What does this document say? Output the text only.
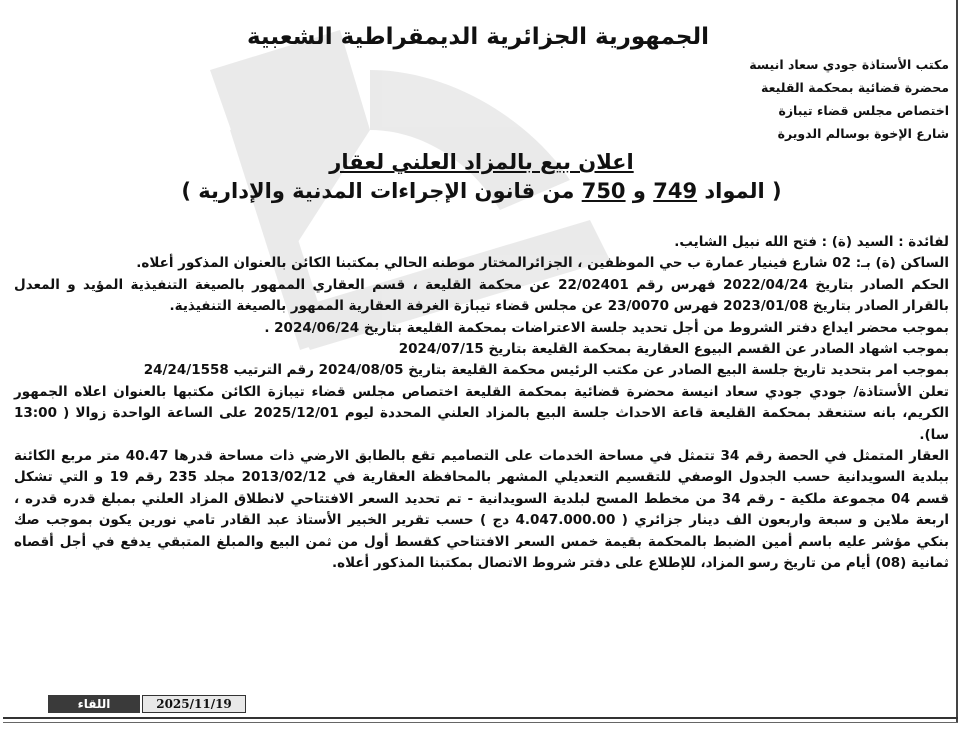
الجمهورية الجزائرية الديمقراطية الشعبية
مكتب الأستاذة جودي سعاد انيسة
محضرة قضائية بمحكمة القليعة
اختصاص مجلس قضاء تيبازة
شارع الإخوة بوسالم الدويرة
اعلان بيع بالمزاد العلني لعقار
( المواد 749 و 750 من قانون الإجراءات المدنية والإدارية )

لفائدة : السيد (ة) : فتح الله نبيل الشايب.

الساكن (ة) بـ: 02 شارع فينيار عمارة ب حي الموظفين ، الجزائرالمختار موطنه الحالي بمكتبنا الكائن بالعنوان المذكور أعلاه.

الحكم الصادر بتاريخ 2022/04/24 فهرس رقم 22/02401 عن محكمة القليعة ، قسم العقاري الممهور بالصيغة التنفيذية المؤيد و المعدل بالقرار الصادر بتاريخ 2023/01/08 فهرس 23/0070 عن مجلس قضاء تيبازة الغرفة العقارية الممهور بالصيغة التنفيذية.

بموجب محضر ايداع دفتر الشروط من أجل تحديد جلسة الاعتراضات بمحكمة القليعة بتاريخ 2024/06/24 .

بموجب اشهاد الصادر عن القسم البيوع العقارية بمحكمة القليعة بتاريخ 2024/07/15

بموجب امر بتحديد تاريخ جلسة البيع الصادر عن مكتب الرئيس محكمة القليعة بتاريخ 2024/08/05 رقم الترتيب 24/24/1558

تعلن الأستاذة/ جودي جودي سعاد انيسة محضرة قضائية بمحكمة القليعة اختصاص مجلس قضاء تيبازة الكائن مكتبها بالعنوان اعلاه الجمهور الكريم، بانه ستنعقد بمحكمة القليعة قاعة الاحداث جلسة البيع بالمزاد العلني المحددة ليوم 2025/12/01 على الساعة الواحدة زوالا ( 13:00 سا).

العقار المتمثل في الحصة رقم 34 تتمثل في مساحة الخدمات على التصاميم تقع بالطابق الارضي ذات مساحة قدرها 40.47 متر مربع الكائنة ببلدية السويدانية حسب الجدول الوصفي للتقسيم التعديلي المشهر بالمحافظة العقارية في 2013/02/12 مجلد 235 رقم 19 و التي تشكل قسم 04 مجموعة ملكية - رقم 34 من مخطط المسح لبلدية السويدانية - تم تحديد السعر الافتتاحي لانطلاق المزاد العلني بمبلغ قدره قدره ، اربعة ملاين و سبعة واربعون الف دينار جزائري ( 4.047.000.00 دج ) حسب تقرير الخبير الأستاذ عبد القادر تامي نورين يكون بموجب صك بنكي مؤشر عليه باسم أمين الضبط بالمحكمة بقيمة خمس السعر الافتتاحي كقسط أول من ثمن البيع والمبلغ المتبقي يدفع في أجل أقصاه ثمانية (08) أيام من تاريخ رسو المزاد، للإطلاع على دفتر شروط الاتصال بمكتبنا المذكور أعلاه.

2025/11/19
اللقاء
